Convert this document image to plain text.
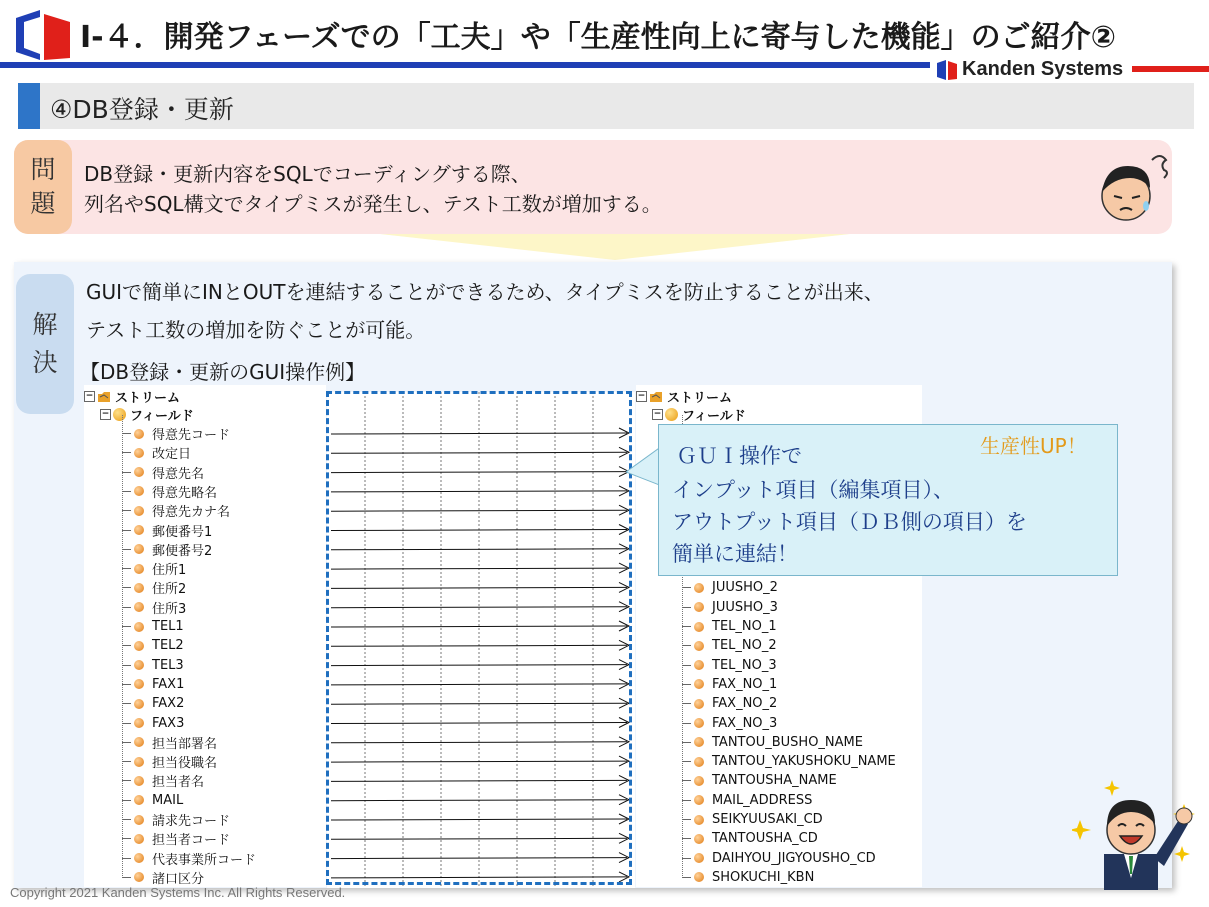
Ⅰ-４．開発フェーズでの「工夫」や「生産性向上に寄与した機能」のご紹介②
Kanden Systems
④DB登録・更新
問
題
DB登録・更新内容をSQLでコーディングする際、
列名やSQL構文でタイプミスが発生し、テスト工数が増加する。
解
決
GUIで簡単にINとOUTを連結することができるため、タイプミスを防止することが出来、
テスト工数の増加を防ぐことが可能。
【DB登録・更新のGUI操作例】
− ストリーム
− フィールド
得意先コード
改定日
得意先名
得意先略名
得意先カナ名
郵便番号1
郵便番号2
住所1
住所2
住所3
TEL1
TEL2
TEL3
FAX1
FAX2
FAX3
担当部署名
担当役職名
担当者名
MAIL
請求先コード
担当者コード
代表事業所コード
諸口区分
− ストリーム
− フィールド
JUUSHO_2
JUUSHO_3
TEL_NO_1
TEL_NO_2
TEL_NO_3
FAX_NO_1
FAX_NO_2
FAX_NO_3
TANTOU_BUSHO_NAME
TANTOU_YAKUSHOKU_NAME
TANTOUSHA_NAME
MAIL_ADDRESS
SEIKYUUSAKI_CD
TANTOUSHA_CD
DAIHYOU_JIGYOUSHO_CD
SHOKUCHI_KBN
生産性UP！
ＧＵＩ操作で
インプット項目（編集項目）、
アウトプット項目（ＤＢ側の項目）を
簡単に連結！
Copyright 2021 Kanden Systems Inc. All Rights Reserved.
